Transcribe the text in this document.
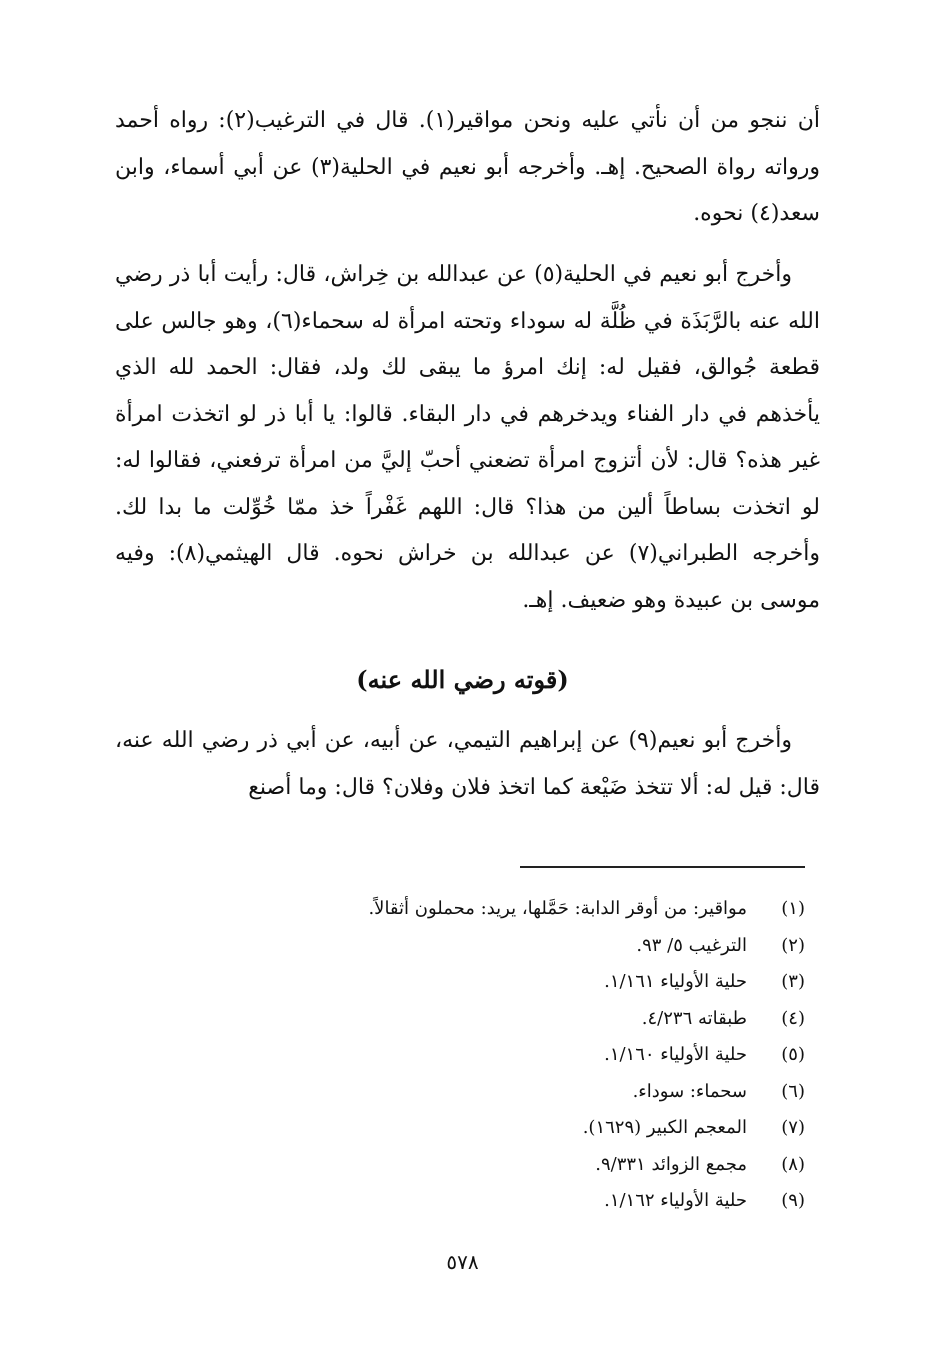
أن ننجو من أن نأتي عليه ونحن مواقير(١). قال في الترغيب(٢): رواه أحمد ورواته رواة الصحيح. إهـ. وأخرجه أبو نعيم في الحلية(٣) عن أبي أسماء، وابن سعد(٤) نحوه.

وأخرج أبو نعيم في الحلية(٥) عن عبدالله بن خِراش، قال: رأيت أبا ذر رضي الله عنه بالرَّبَذَة في ظُلَّة له سوداء وتحته امرأة له سحماء(٦)، وهو جالس على قطعة جُوالق، فقيل له: إنك امرؤ ما يبقى لك ولد، فقال: الحمد لله الذي يأخذهم في دار الفناء ويدخرهم في دار البقاء. قالوا: يا أبا ذر لو اتخذت امرأة غير هذه؟ قال: لأن أتزوج امرأة تضعني أحبّ إليَّ من امرأة ترفعني، فقالوا له: لو اتخذت بساطاً ألين من هذا؟ قال: اللهم غَفْراً خذ ممّا خُوِّلت ما بدا لك. وأخرجه الطبراني(٧) عن عبدالله بن خراش نحوه. قال الهيثمي(٨): وفيه موسى بن عبيدة وهو ضعيف. إهـ.

(قوته رضي الله عنه)

وأخرج أبو نعيم(٩) عن إبراهيم التيمي، عن أبيه، عن أبي ذر رضي الله عنه، قال: قيل له: ألا تتخذ ضَيْعة كما اتخذ فلان وفلان؟ قال: وما أصنع

(١)
مواقير: من أوقر الدابة: حَمَّلها، يريد: محملون أثقالاً.
(٢)
الترغيب ٥/ ٩٣.
(٣)
حلية الأولياء ١/١٦١.
(٤)
طبقاته ٤/٢٣٦.
(٥)
حلية الأولياء ١/١٦٠.
(٦)
سحماء: سوداء.
(٧)
المعجم الكبير (١٦٢٩).
(٨)
مجمع الزوائد ٩/٣٣١.
(٩)
حلية الأولياء ١/١٦٢.
٥٧٨
